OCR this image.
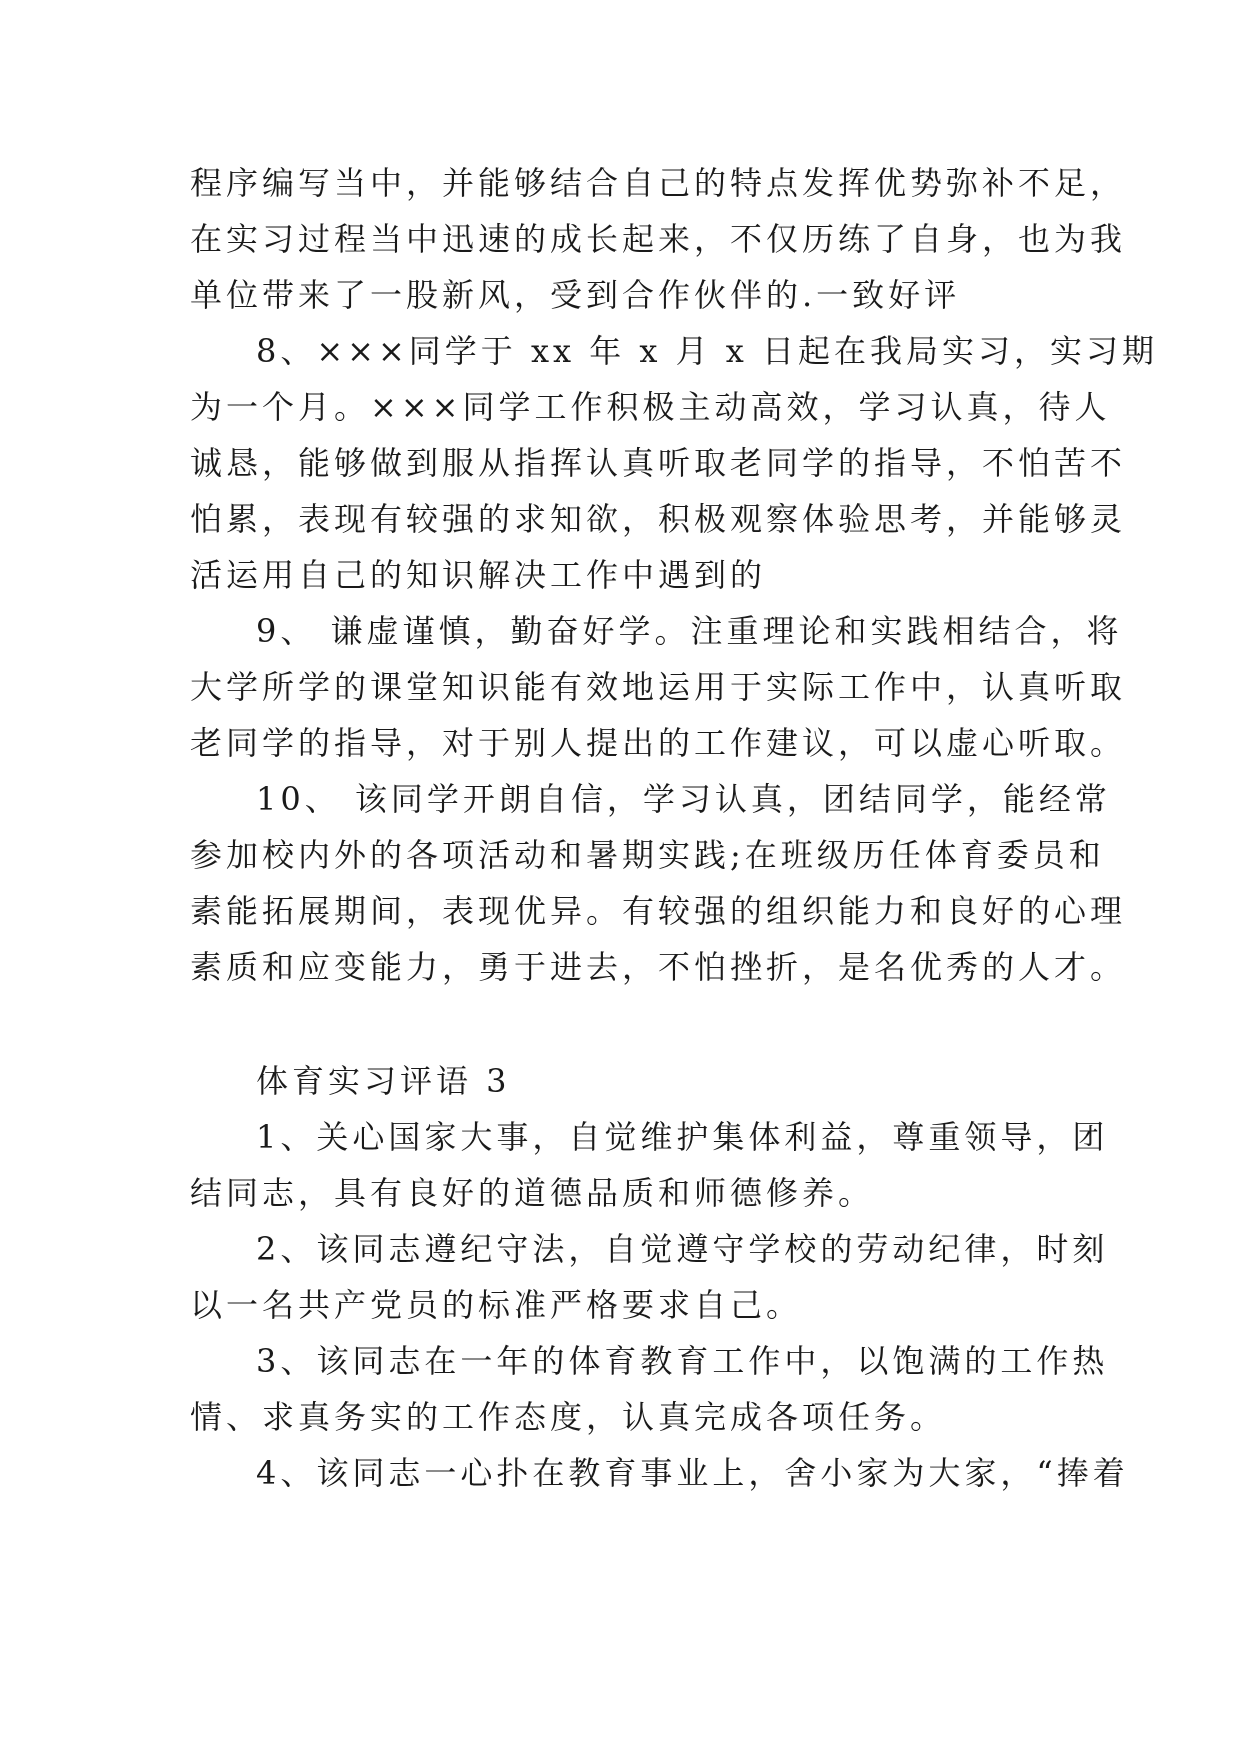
程序编写当中，并能够结合自己的特点发挥优势弥补不足，
在实习过程当中迅速的成长起来，不仅历练了自身，也为我
单位带来了一股新风，受到合作伙伴的.一致好评
8、×××同学于 xx 年 x 月 x 日起在我局实习，实习期
为一个月。×××同学工作积极主动高效，学习认真，待人
诚恳，能够做到服从指挥认真听取老同学的指导，不怕苦不
怕累，表现有较强的求知欲，积极观察体验思考，并能够灵
活运用自己的知识解决工作中遇到的
9、 谦虚谨慎，勤奋好学。注重理论和实践相结合，将
大学所学的课堂知识能有效地运用于实际工作中，认真听取
老同学的指导，对于别人提出的工作建议，可以虚心听取。
10、 该同学开朗自信，学习认真，团结同学，能经常
参加校内外的各项活动和暑期实践;在班级历任体育委员和
素能拓展期间，表现优异。有较强的组织能力和良好的心理
素质和应变能力，勇于进去，不怕挫折，是名优秀的人才。
体育实习评语 3
1、关心国家大事，自觉维护集体利益，尊重领导，团
结同志，具有良好的道德品质和师德修养。
2、该同志遵纪守法，自觉遵守学校的劳动纪律，时刻
以一名共产党员的标准严格要求自己。
3、该同志在一年的体育教育工作中，以饱满的工作热
情、求真务实的工作态度，认真完成各项任务。
4、该同志一心扑在教育事业上，舍小家为大家，“捧着
